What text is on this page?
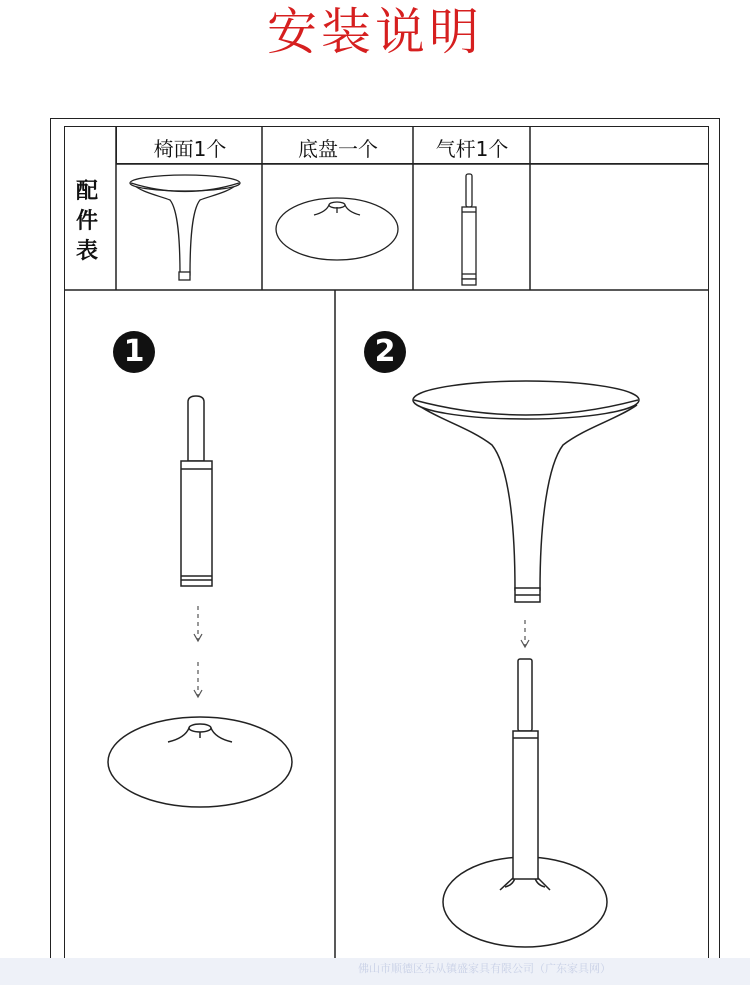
安装说明
椅面1个	底盘一个	气杆1个
配件表
1	2
佛山市顺德区乐从镇盛家具有限公司（广东家具网）
